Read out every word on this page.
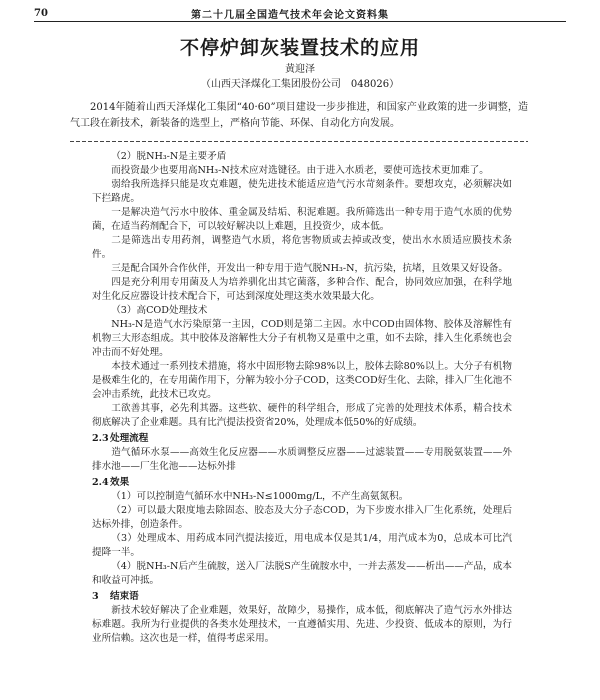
70	第二十几届全国造气技术年会论文资料集
不停炉卸灰装置技术的应用
黄迎泽
（山西天泽煤化工集团股份公司　048026）

2014年随着山西天泽煤化工集团“40·60”项目建设一步步推进，和国家产业政策的进一步调整，造气工段在新技术，新装备的选型上，严格向节能、环保、自动化方向发展。

（2）脱NH₃-N是主要矛盾

而投资最少也要用高NH₃-N技术应对选键径。由于进入水质老，要使可选技术更加难了。

弱给我所选择只能是攻克难题，使先进技术能适应造气污水苛刻条件。要想攻克，必须解决如下拦路虎。

一是解决造气污水中胶体、重金属及结垢、积泥难题。我所筛选出一种专用于造气水质的优势菌，在适当药剂配合下，可以较好解决以上难题，且投资少，成本低。

二是筛选出专用药剂，调整造气水质，将危害物质或去掉或改变，使出水水质适应膜技术条件。

三是配合国外合作伙伴，开发出一种专用于造气脱NH₃-N，抗污染，抗堵，且效果又好设备。

四是充分利用专用菌及人为培养驯化出其它菌落，多种合作、配合，协同效应加强，在科学地对生化反应器设计技术配合下，可达到深度处理这类水效果最大化。

（3）高COD处理技术

NH₃-N是造气水污染原第一主因，COD则是第二主因。水中COD由固体物、胶体及溶解性有机物三大形态组成。其中胶体及溶解性大分子有机物又是重中之重，如不去除，排入生化系统也会冲击而不好处理。

本技术通过一系列技术措施，将水中固形物去除98%以上，胶体去除80%以上。大分子有机物是极难生化的，在专用菌作用下，分解为较小分子COD，这类COD好生化、去除，排入厂生化池不会冲击系统，此技术已攻克。

工欲善其事，必先利其器。这些软、硬件的科学组合，形成了完善的处理技术体系，精合技术彻底解决了企业难题。具有比汽提法投资省20%，处理成本低50%的好成绩。

2.3处理流程

造气循环水泵——高效生化反应器——水质调整反应器——过滤装置——专用脱氨装置——外排水池——厂生化池——达标外排

2.4效果

（1）可以控制造气循环水中NH₃-N≤1000mg/L，不产生高氨氮积。

（2）可以最大限度地去除固态、胶态及大分子态COD，为下步废水排入厂生化系统，处理后达标外排，创造条件。

（3）处理成本、用药成本同汽提法接近，用电成本仅是其1/4，用汽成本为0，总成本可比汽提降一半。

（4）脱NH₃-N后产生硫胺，送入厂法脱S产生硫胺水中，一并去蒸发——析出——产品，成本和收益可冲抵。

3 结束语

新技术较好解决了企业难题，效果好，故障少，易操作，成本低，彻底解决了造气污水外排达标难题。我所为行业提供的各类水处理技术，一直遵循实用、先进、少投资、低成本的原则，为行业所信赖。这次也是一样，值得考虑采用。
